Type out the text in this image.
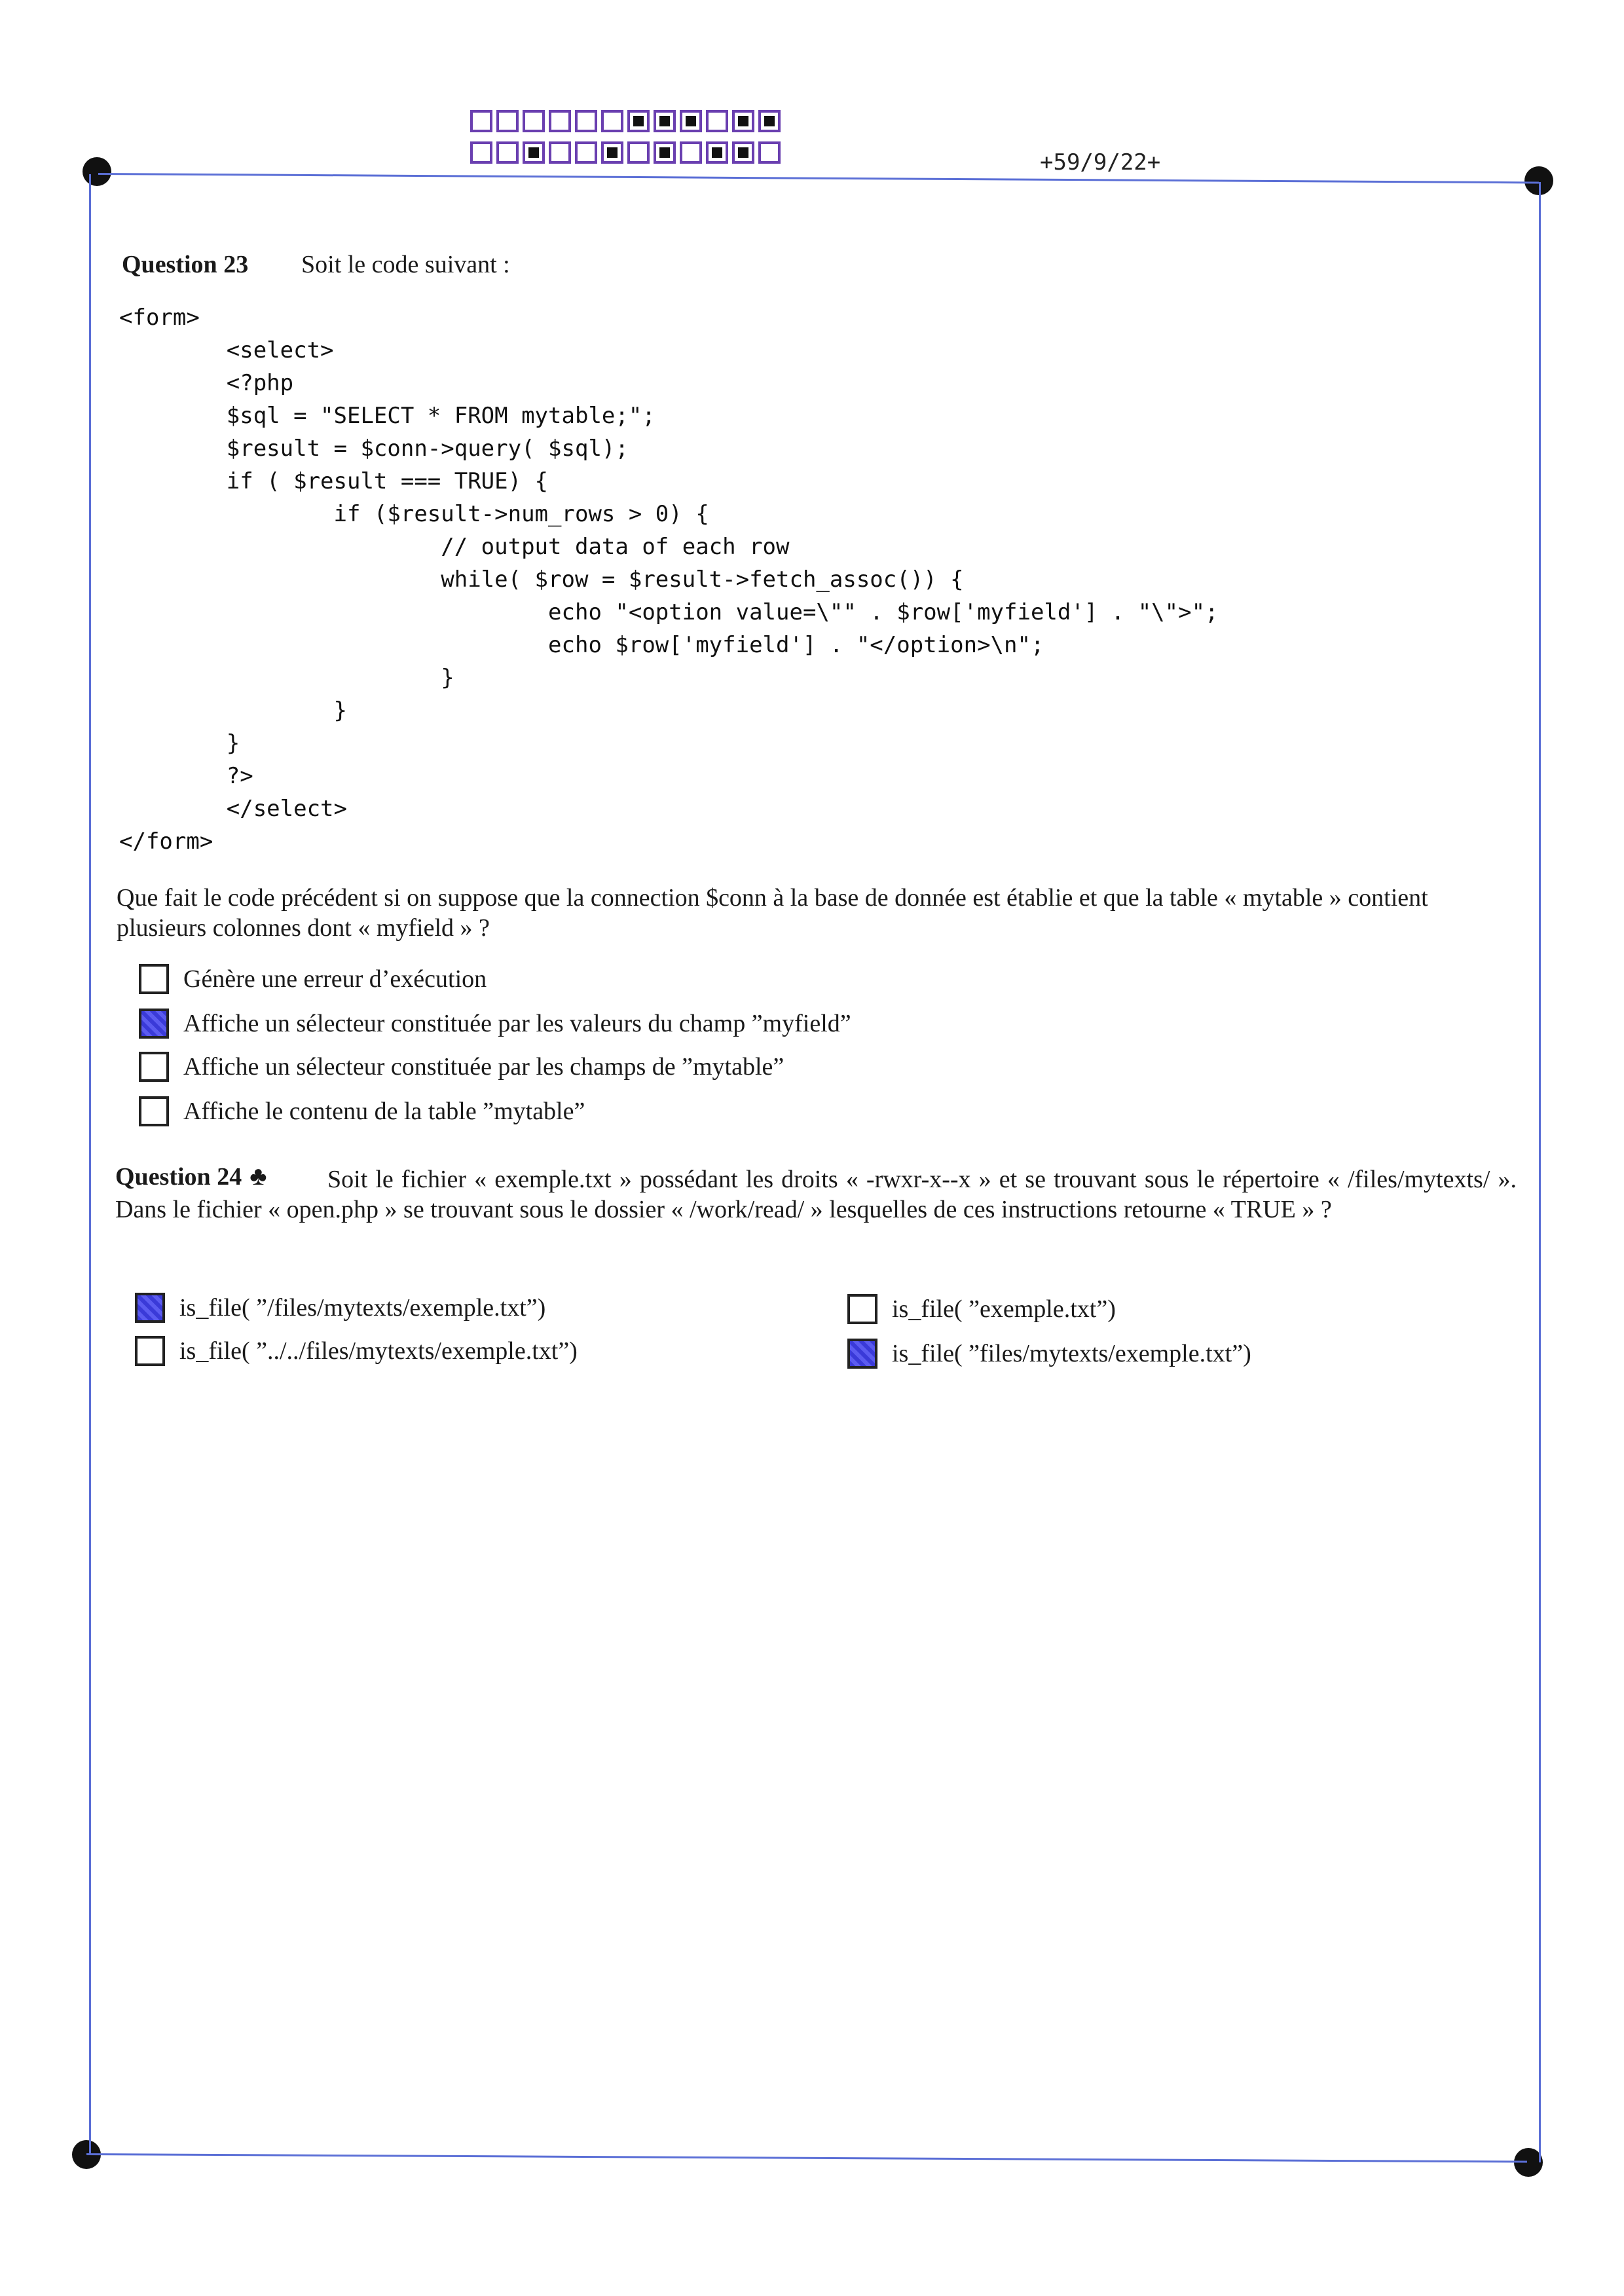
+59/9/22+
Question 23 Soit le code suivant :
<form>
<select>
<?php
$sql = "SELECT * FROM mytable;";
$result = $conn->query( $sql);
if ( $result === TRUE) {
if ($result->num_rows > 0) {
// output data of each row
while( $row = $result->fetch_assoc()) {
echo "<option value=\"" . $row['myfield'] . "\">";
echo $row['myfield'] . "</option>\n";
}
}
}
?>
</select>
</form>
Que fait le code précédent si on suppose que la connection $conn à la base de donnée est établie et que la table « mytable » contient plusieurs colonnes dont « myfield » ?
Génère une erreur d’exécution
Affiche un sélecteur constituée par les valeurs du champ ”myfield”
Affiche un sélecteur constituée par les champs de ”mytable”
Affiche le contenu de la table ”mytable”
Question 24 ♣	Soit le fichier « exemple.txt » possédant les droits « -rwxr-x--x » et se trouvant sous le répertoire « /files/mytexts/ ». Dans le fichier « open.php » se trouvant sous le dossier « /work/read/ » lesquelles de ces instructions retourne « TRUE » ?
is_file( ”/files/mytexts/exemple.txt”)
is_file( ”../../files/mytexts/exemple.txt”)
is_file( ”exemple.txt”)
is_file( ”files/mytexts/exemple.txt”)
